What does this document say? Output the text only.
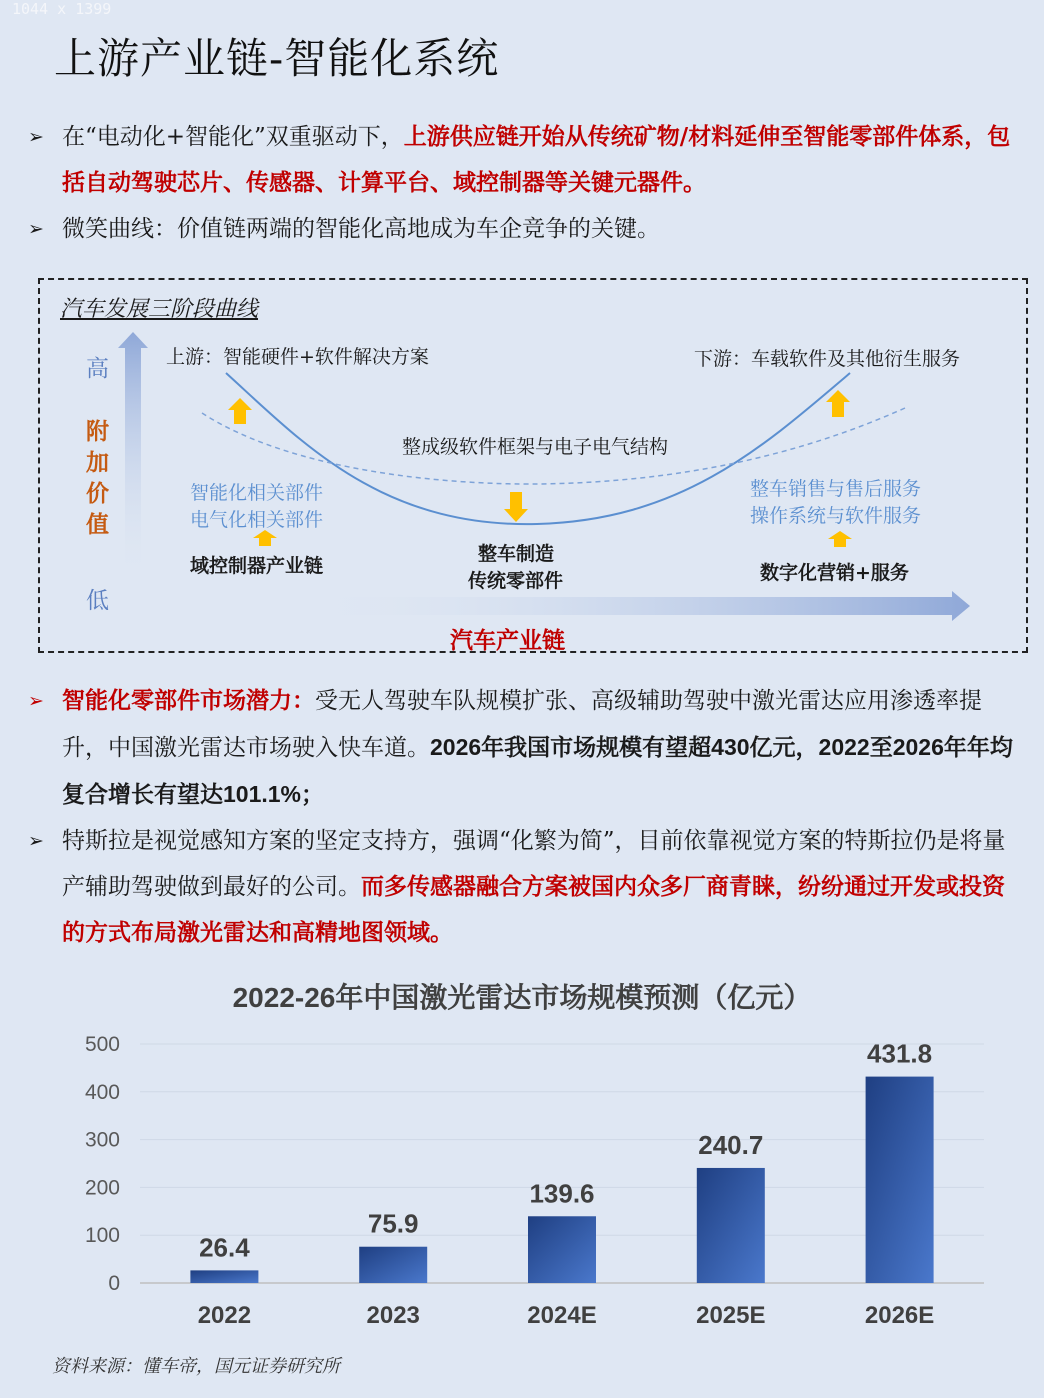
1044 x 1399
上游产业链-智能化系统
➢ 在“电动化+智能化”双重驱动下，上游供应链开始从传统矿物/材料延伸至智能零部件体系，包括自动驾驶芯片、传感器、计算平台、域控制器等关键元器件。
➢ 微笑曲线：价值链两端的智能化高地成为车企竞争的关键。
汽车发展三阶段曲线
高
附加价值
低
汽车产业链
上游：智能硬件+软件解决方案	下游：车载软件及其他衍生服务
整成级软件框架与电子电气结构
智能化相关部件
电气化相关部件
域控制器产业链
整车制造
传统零部件
整车销售与售后服务
操作系统与软件服务
数字化营销+服务
➢ 智能化零部件市场潜力：受无人驾驶车队规模扩张、高级辅助驾驶中激光雷达应用渗透率提升，中国激光雷达市场驶入快车道。2026年我国市场规模有望超430亿元，2022至2026年年均复合增长有望达101.1%；
➢ 特斯拉是视觉感知方案的坚定支持方，强调“化繁为简”，目前依靠视觉方案的特斯拉仍是将量产辅助驾驶做到最好的公司。而多传感器融合方案被国内众多厂商青睐，纷纷通过开发或投资的方式布局激光雷达和高精地图领域。
2022-26年中国激光雷达市场规模预测（亿元）
0
100
200
300
400
500
26.4
2022
75.9
2023
139.6
2024E
240.7
2025E
431.8
2026E
资料来源：懂车帝，国元证券研究所
